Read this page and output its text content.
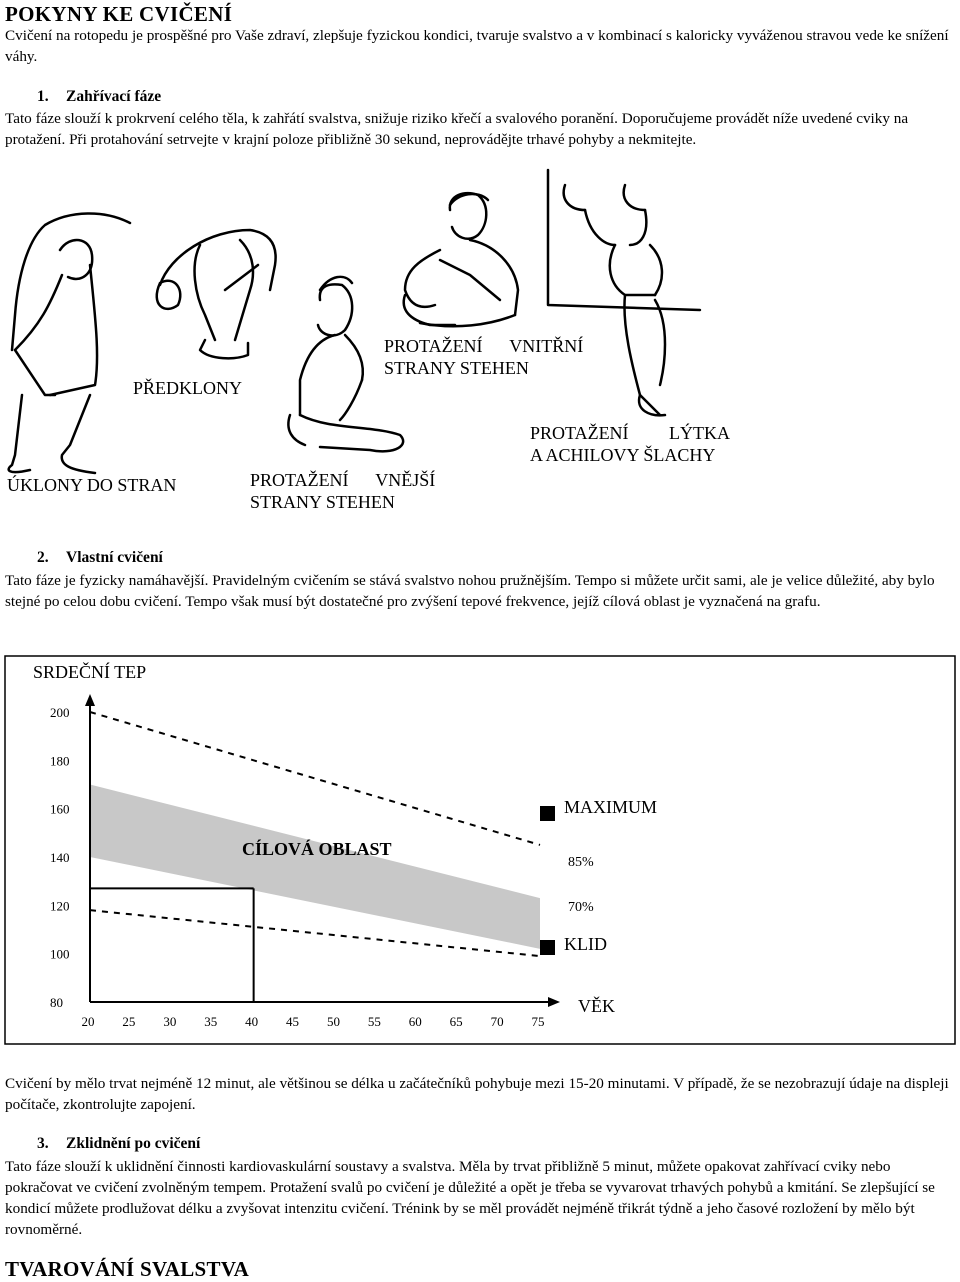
POKYNY KE CVIČENÍ
Cvičení na rotopedu je prospěšné pro Vaše zdraví, zlepšuje fyzickou kondici, tvaruje svalstvo a v kombinací s kaloricky vyváženou stravou vede ke snížení váhy.
1. Zahřívací fáze
Tato fáze slouží k prokrvení celého těla, k zahřátí svalstva, snižuje riziko křečí a svalového poranění. Doporučujeme provádět níže uvedené cviky na protažení. Při protahování setrvejte v krajní poloze přibližně 30 sekund, neprovádějte trhavé pohyby a nekmitejte.
ÚKLONY DO STRAN
PŘEDKLONY
PROTAŽENÍ      VNĚJŠÍ
STRANY STEHEN
PROTAŽENÍ      VNITŘNÍ
STRANY STEHEN
PROTAŽENÍ         LÝTKA
A ACHILOVY ŠLACHY
2. Vlastní cvičení
Tato fáze je fyzicky namáhavější. Pravidelným cvičením se stává svalstvo nohou pružnějším. Tempo si můžete určit sami, ale je velice důležité, aby bylo stejné po celou dobu cvičení. Tempo však musí být dostatečné pro zvýšení tepové frekvence, jejíž cílová oblast je vyznačená na grafu.
SRDEČNÍ TEP
CÍLOVÁ OBLAST
200
180
160
140
120
100
80
20 25 30 35 40 45 50 55 60 65 70 75
MAXIMUM
85%
70%
KLID
VĚK
Cvičení by mělo trvat nejméně 12 minut, ale většinou se délka u začátečníků pohybuje mezi 15-20 minutami. V případě, že se nezobrazují údaje na displeji počítače, zkontrolujte zapojení.
3. Zklidnění po cvičení
Tato fáze slouží k uklidnění činnosti kardiovaskulární soustavy a svalstva. Měla by trvat přibližně 5 minut, můžete opakovat zahřívací cviky nebo pokračovat ve cvičení zvolněným tempem. Protažení svalů po cvičení je důležité a opět je třeba se vyvarovat trhavých pohybů a kmitání. Se zlepšující se kondicí můžete prodlužovat délku a zvyšovat intenzitu cvičení. Trénink by se měl provádět nejméně třikrát týdně a jeho časové rozložení by mělo být rovnoměrné.
TVAROVÁNÍ SVALSTVA
